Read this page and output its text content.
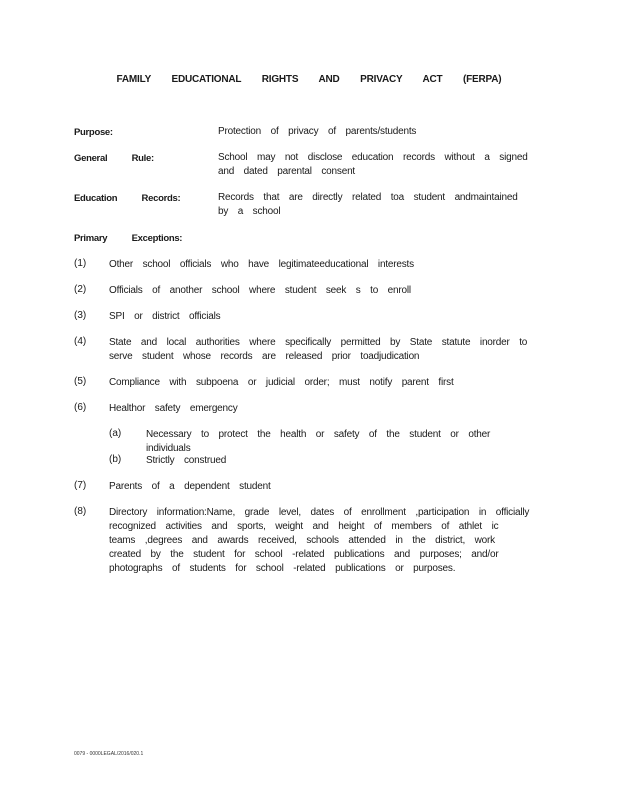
FAMILY EDUCATIONAL RIGHTS AND PRIVACY ACT (FERPA)
Purpose:	Protection of privacy of parents/students
General Rule:	School may not disclose education records without a signed and dated parental consent
Education Records:	Records that are directly related toa student andmaintained by a school
Primary Exceptions:
(1) Other school officials who have legitimateeducational interests
(2) Officials of another school where student seek s to enroll
(3) SPI or district officials
(4) State and local authorities where specifically permitted by State statute inorder to serve student whose records are released prior toadjudication
(5) Compliance with subpoena or judicial order; must notify parent first
(6) Healthor safety emergency
(a) Necessary to protect the health or safety of the student or other individuals
(b) Strictly construed
(7) Parents of a dependent student
(8) Directory information:Name, grade level, dates of enrollment ,participation in officially recognized activities and sports, weight and height of members of athlet ic teams ,degrees and awards received, schools attended in the district, work created by the student for school -related publications and purposes; and/or photographs of students for school -related publications or purposes.
0079 - 0000LEGAL/2016/020.1
